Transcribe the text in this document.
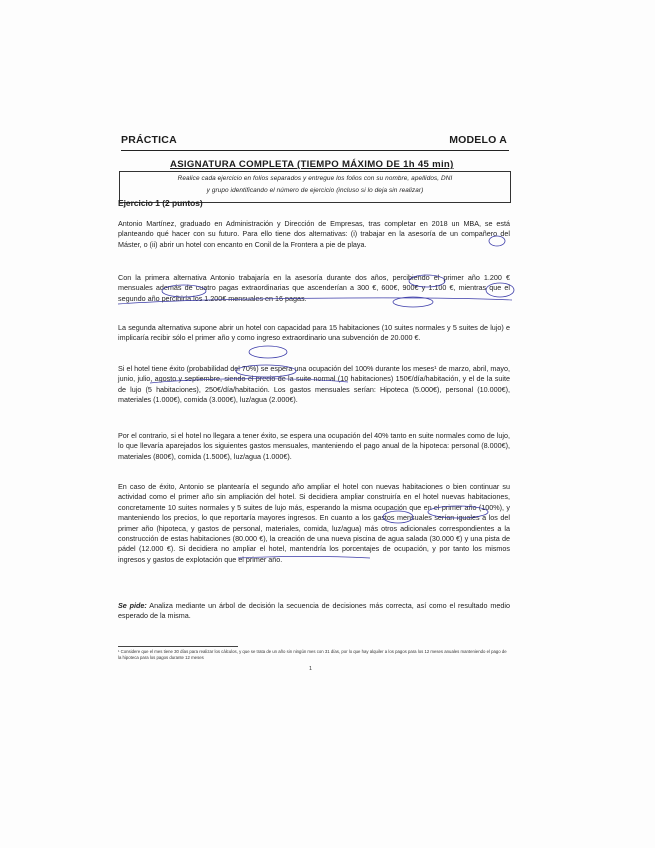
PRÁCTICA	MODELO A
ASIGNATURA COMPLETA (TIEMPO MÁXIMO DE 1h 45 min)

Realice cada ejercicio en folios separados y entregue los folios con su nombre, apellidos, DNI

y grupo identificando el número de ejercicio (incluso si lo deja sin realizar)

Ejercicio 1 (2 puntos)

Antonio Martínez, graduado en Administración y Dirección de Empresas, tras completar en 2018 un MBA, se está planteando qué hacer con su futuro. Para ello tiene dos alternativas: (i) trabajar en la asesoría de un compañero del Máster, o (ii) abrir un hotel con encanto en Conil de la Frontera a pie de playa.

Con la primera alternativa Antonio trabajaría en la asesoría durante dos años, percibiendo el primer año 1.200 € mensuales además de cuatro pagas extraordinarias que ascenderían a 300 €, 600€, 900€ y 1.100 €, mientras que el segundo año percibiría los 1.200€ mensuales en 16 pagas.

La segunda alternativa supone abrir un hotel con capacidad para 15 habitaciones (10 suites normales y 5 suites de lujo) e implicaría recibir sólo el primer año y como ingreso extraordinario una subvención de 20.000 €.

Si el hotel tiene éxito (probabilidad del 70%) se espera una ocupación del 100% durante los meses¹ de marzo, abril, mayo, junio, julio, agosto y septiembre, siendo el precio de la suite normal (10 habitaciones) 150€/día/habitación, y el de la suite de lujo (5 habitaciones), 250€/día/habitación. Los gastos mensuales serían: Hipoteca (5.000€), personal (10.000€), materiales (1.000€), comida (3.000€), luz/agua (2.000€).

Por el contrario, si el hotel no llegara a tener éxito, se espera una ocupación del 40% tanto en suite normales como de lujo, lo que llevaría aparejados los siguientes gastos mensuales, manteniendo el pago anual de la hipoteca: personal (8.000€), materiales (800€), comida (1.500€), luz/agua (1.000€).

En caso de éxito, Antonio se plantearía el segundo año ampliar el hotel con nuevas habitaciones o bien continuar su actividad como el primer año sin ampliación del hotel. Si decidiera ampliar construiría en el hotel nuevas habitaciones, concretamente 10 suites normales y 5 suites de lujo más, esperando la misma ocupación que en el primer año (100%), y manteniendo los precios, lo que reportaría mayores ingresos. En cuanto a los gastos mensuales serían iguales a los del primer año (hipoteca, y gastos de personal, materiales, comida, luz/agua) más otros adicionales correspondientes a la construcción de estas habitaciones (80.000 €), la creación de una nueva piscina de agua salada (30.000 €) y una pista de pádel (12.000 €). Si decidiera no ampliar el hotel, mantendría los porcentajes de ocupación, y por tanto los mismos ingresos y gastos de explotación que el primer año.

Se pide: Analiza mediante un árbol de decisión la secuencia de decisiones más correcta, así como el resultado medio esperado de la misma.

¹ Considere que el mes tiene 30 días para realizar los cálculos, y que se trata de un año sin ningún mes con 31 días, por lo que hay alquiler a los pagos para los 12 meses anuales manteniendo el pago de la hipoteca para los pagos durante 12 meses

1
